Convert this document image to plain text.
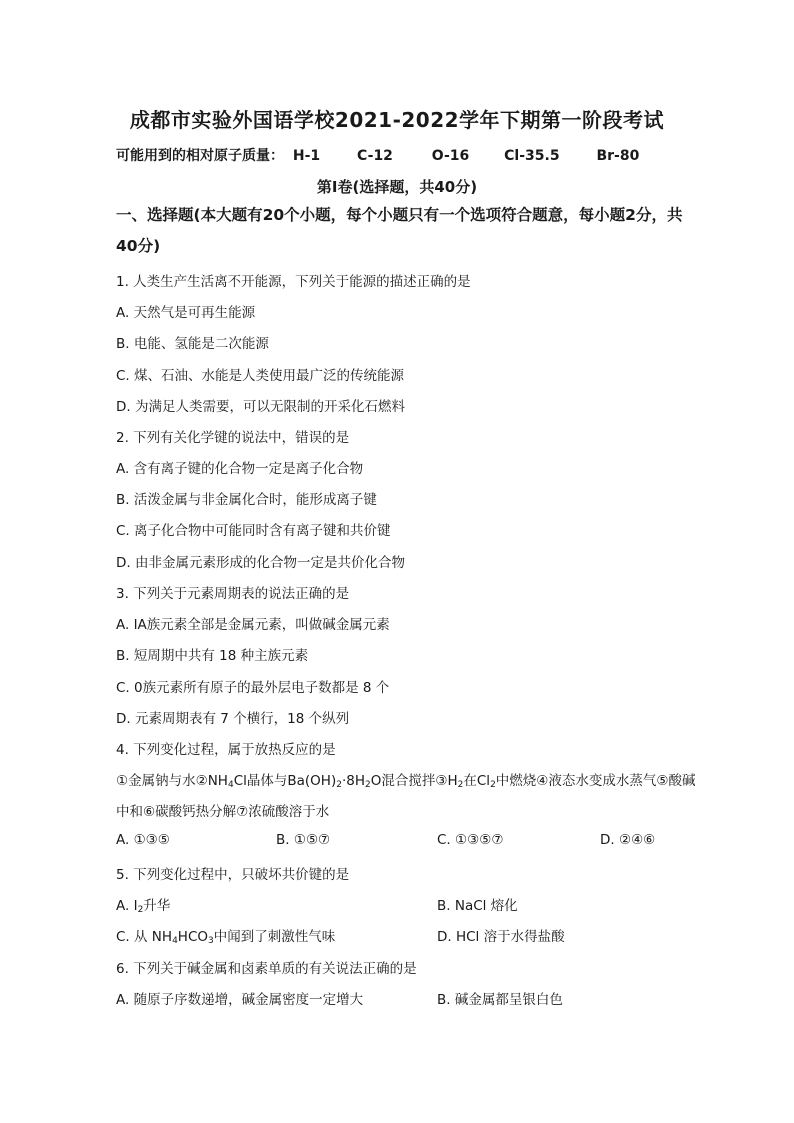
成都市实验外国语学校2021-2022学年下期第一阶段考试
可能用到的相对原子质量： H-1	C-12	O-16 Cl-35.5	Br-80
第Ⅰ卷(选择题，共40分)
一、选择题(本大题有20个小题，每个小题只有一个选项符合题意，每小题2分，共40分)
1. 人类生产生活离不开能源，下列关于能源的描述正确的是
A. 天然气是可再生能源
B. 电能、氢能是二次能源
C. 煤、石油、水能是人类使用最广泛的传统能源
D. 为满足人类需要，可以无限制的开采化石燃料
2. 下列有关化学键的说法中，错误的是
A. 含有离子键的化合物一定是离子化合物
B. 活泼金属与非金属化合时，能形成离子键
C. 离子化合物中可能同时含有离子键和共价键
D. 由非金属元素形成的化合物一定是共价化合物
3. 下列关于元素周期表的说法正确的是
A. IA族元素全部是金属元素，叫做碱金属元素
B. 短周期中共有 18 种主族元素
C. 0族元素所有原子的最外层电子数都是 8 个
D. 元素周期表有 7 个横行，18 个纵列
4. 下列变化过程，属于放热反应的是
①金属钠与水$②NH_4Cl$晶体与$Ba(OH)_2\cdot 8H_2O$混合搅拌$③H_2$在$Cl_2$中燃烧④液态水变成水蒸气⑤酸碱
中和⑥碳酸钙热分解⑦浓硫酸溶于水
A. ①③⑤	B. ①⑤⑦	C. ①③⑤⑦	D. ②④⑥
5. 下列变化过程中，只破坏共价键的是
A. $I_2$升华	B. NaCl 熔化
C. 从 $NH_4HCO_3$中闻到了刺激性气味	D. HCl 溶于水得盐酸
6. 下列关于碱金属和卤素单质的有关说法正确的是
A. 随原子序数递增，碱金属密度一定增大	B. 碱金属都呈银白色
